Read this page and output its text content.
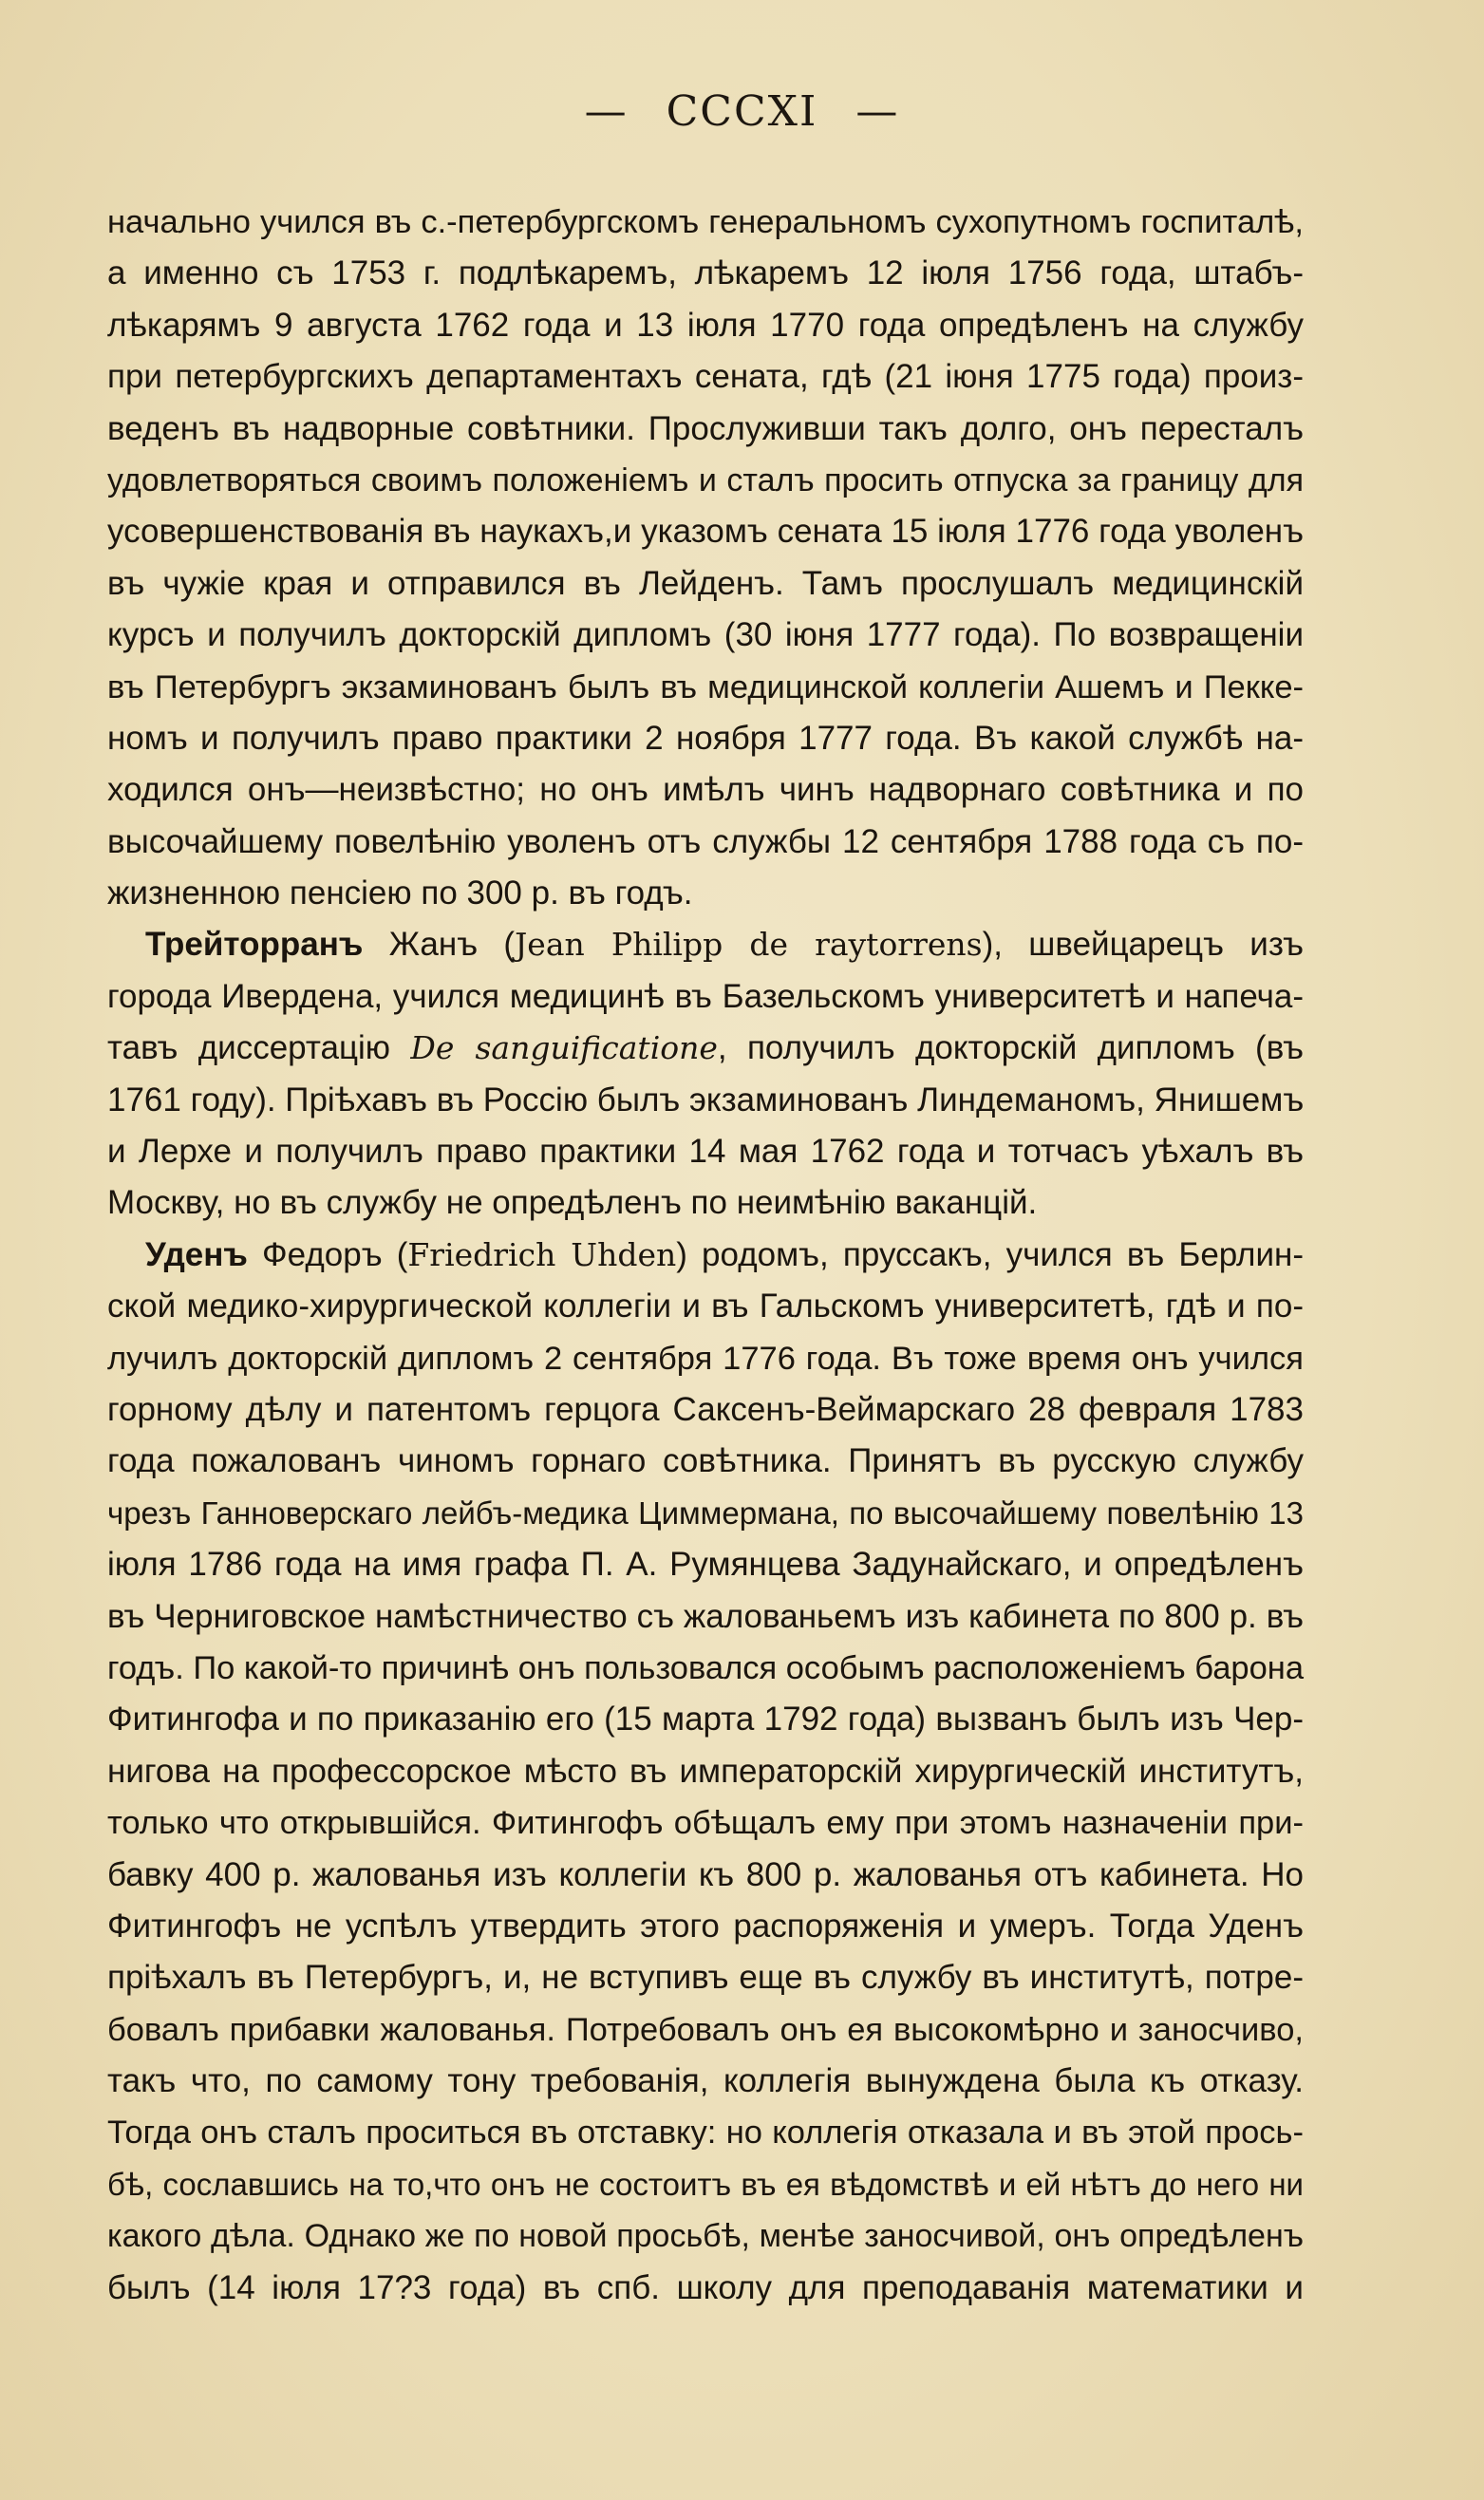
— СССXI —
начально учился въ с.-петербургскомъ генеральномъ сухопутномъ госпиталѣ,
а именно съ 1753 г. подлѣкаремъ, лѣкаремъ 12 іюля 1756 года, штабъ-
лѣкарямъ 9 августа 1762 года и 13 іюля 1770 года опредѣленъ на службу
при петербургскихъ департаментахъ сената, гдѣ (21 іюня 1775 года) произ-
веденъ въ надворные совѣтники. Прослуживши такъ долго, онъ пересталъ
удовлетворяться своимъ положеніемъ и сталъ просить отпуска за границу для
усовершенствованія въ наукахъ,и указомъ сената 15 іюля 1776 года уволенъ
въ чужіе края и отправился въ Лейденъ. Тамъ прослушалъ медицинскій
курсъ и получилъ докторскій дипломъ (30 іюня 1777 года). По возвращеніи
въ Петербургъ экзаминованъ былъ въ медицинской коллегіи Ашемъ и Пекке-
номъ и получилъ право практики 2 ноября 1777 года. Въ какой службѣ на-
ходился онъ—неизвѣстно; но онъ имѣлъ чинъ надворнаго совѣтника и по
высочайшему повелѣнію уволенъ отъ службы 12 сентября 1788 года съ по-
жизненною пенсіею по 300 р. въ годъ.
Трейторранъ Жанъ (Jean Philipp de raytorrens), швейцарецъ изъ
города Ивердена, учился медицинѣ въ Базельскомъ университетѣ и напеча-
тавъ диссертацію De sanguificatione, получилъ докторскій дипломъ (въ
1761 году). Пріѣхавъ въ Россію былъ экзаминованъ Линдеманомъ, Янишемъ
и Лерхе и получилъ право практики 14 мая 1762 года и тотчасъ уѣхалъ въ
Москву, но въ службу не опредѣленъ по неимѣнію ваканцій.
Уденъ Федоръ (Friedrich Uhden) родомъ, пруссакъ, учился въ Берлин-
ской медико-хирургической коллегіи и въ Гальскомъ университетѣ, гдѣ и по-
лучилъ докторскій дипломъ 2 сентября 1776 года. Въ тоже время онъ учился
горному дѣлу и патентомъ герцога Саксенъ-Веймарскаго 28 февраля 1783
года пожалованъ чиномъ горнаго совѣтника. Принятъ въ русскую службу
чрезъ Ганноверскаго лейбъ-медика Циммермана, по высочайшему повелѣнію 13
іюля 1786 года на имя графа П. А. Румянцева Задунайскаго, и опредѣленъ
въ Черниговское намѣстничество съ жалованьемъ изъ кабинета по 800 р. въ
годъ. По какой-то причинѣ онъ пользовался особымъ расположеніемъ барона
Фитингофа и по приказанію его (15 марта 1792 года) вызванъ былъ изъ Чер-
нигова на профессорское мѣсто въ императорскій хирургическій институтъ,
только что открывшійся. Фитингофъ обѣщалъ ему при этомъ назначеніи при-
бавку 400 р. жалованья изъ коллегіи къ 800 р. жалованья отъ кабинета. Но
Фитингофъ не успѣлъ утвердить этого распоряженія и умеръ. Тогда Уденъ
пріѣхалъ въ Петербургъ, и, не вступивъ еще въ службу въ институтѣ, потре-
бовалъ прибавки жалованья. Потребовалъ онъ ея высокомѣрно и заносчиво,
такъ что, по самому тону требованія, коллегія вынуждена была къ отказу.
Тогда онъ сталъ проситься въ отставку: но коллегія отказала и въ этой прось-
бѣ, сославшись на то,что онъ не состоитъ въ ея вѣдомствѣ и ей нѣтъ до него ни
какого дѣла. Однако же по новой просьбѣ, менѣе заносчивой, онъ опредѣленъ
былъ (14 іюля 17?3 года) въ спб. школу для преподаванія математики и
